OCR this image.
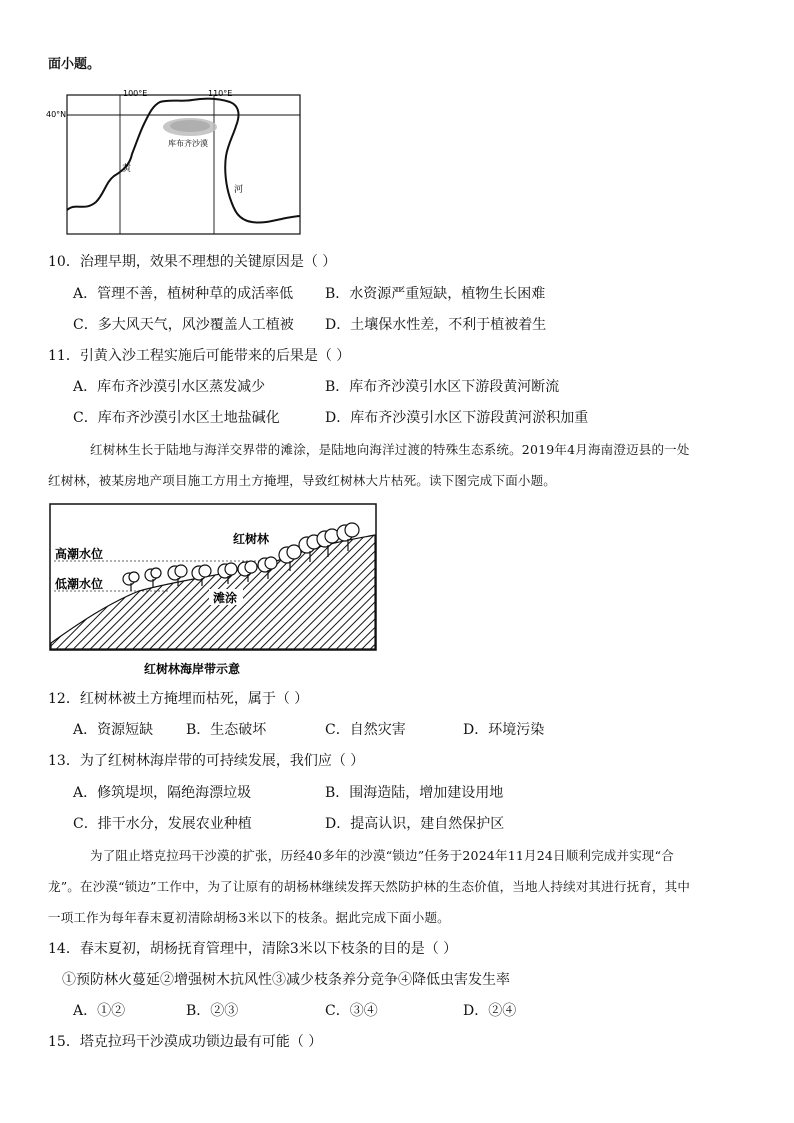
面小题。
100°E	110°E
40°N
库布齐沙漠
黄
河
10．治理早期，效果不理想的关键原因是（ ）
A．管理不善，植树种草的成活率低 B．水资源严重短缺，植物生长困难
C．多大风天气，风沙覆盖人工植被 D．土壤保水性差，不利于植被着生
11．引黄入沙工程实施后可能带来的后果是（ ）
A．库布齐沙漠引水区蒸发减少	B．库布齐沙漠引水区下游段黄河断流
C．库布齐沙漠引水区土地盐碱化	D．库布齐沙漠引水区下游段黄河淤积加重
红树林生长于陆地与海洋交界带的滩涂，是陆地向海洋过渡的特殊生态系统。2019年4月海南澄迈县的一处
红树林，被某房地产项目施工方用土方掩埋，导致红树林大片枯死。读下图完成下面小题。
高潮水位
低潮水位
红树林
滩涂
红树林海岸带示意
12．红树林被土方掩埋而枯死，属于（ ）
A．资源短缺 B．生态破坏	C．自然灾害	D．环境污染
13．为了红树林海岸带的可持续发展，我们应（ ）
A．修筑堤坝，隔绝海漂垃圾	B．围海造陆，增加建设用地
C．排干水分，发展农业种植	D．提高认识，建自然保护区
为了阻止塔克拉玛干沙漠的扩张，历经40多年的沙漠“锁边”任务于2024年11月24日顺利完成并实现“合
龙”。在沙漠“锁边”工作中，为了让原有的胡杨林继续发挥天然防护林的生态价值，当地人持续对其进行抚育，其中
一项工作为每年春末夏初清除胡杨3米以下的枝条。据此完成下面小题。
14．春末夏初，胡杨抚育管理中，清除3米以下枝条的目的是（ ）
①预防林火蔓延②增强树木抗风性③减少枝条养分竞争④降低虫害发生率
A．①②	B．②③	C．③④	D．②④
15．塔克拉玛干沙漠成功锁边最有可能（ ）
